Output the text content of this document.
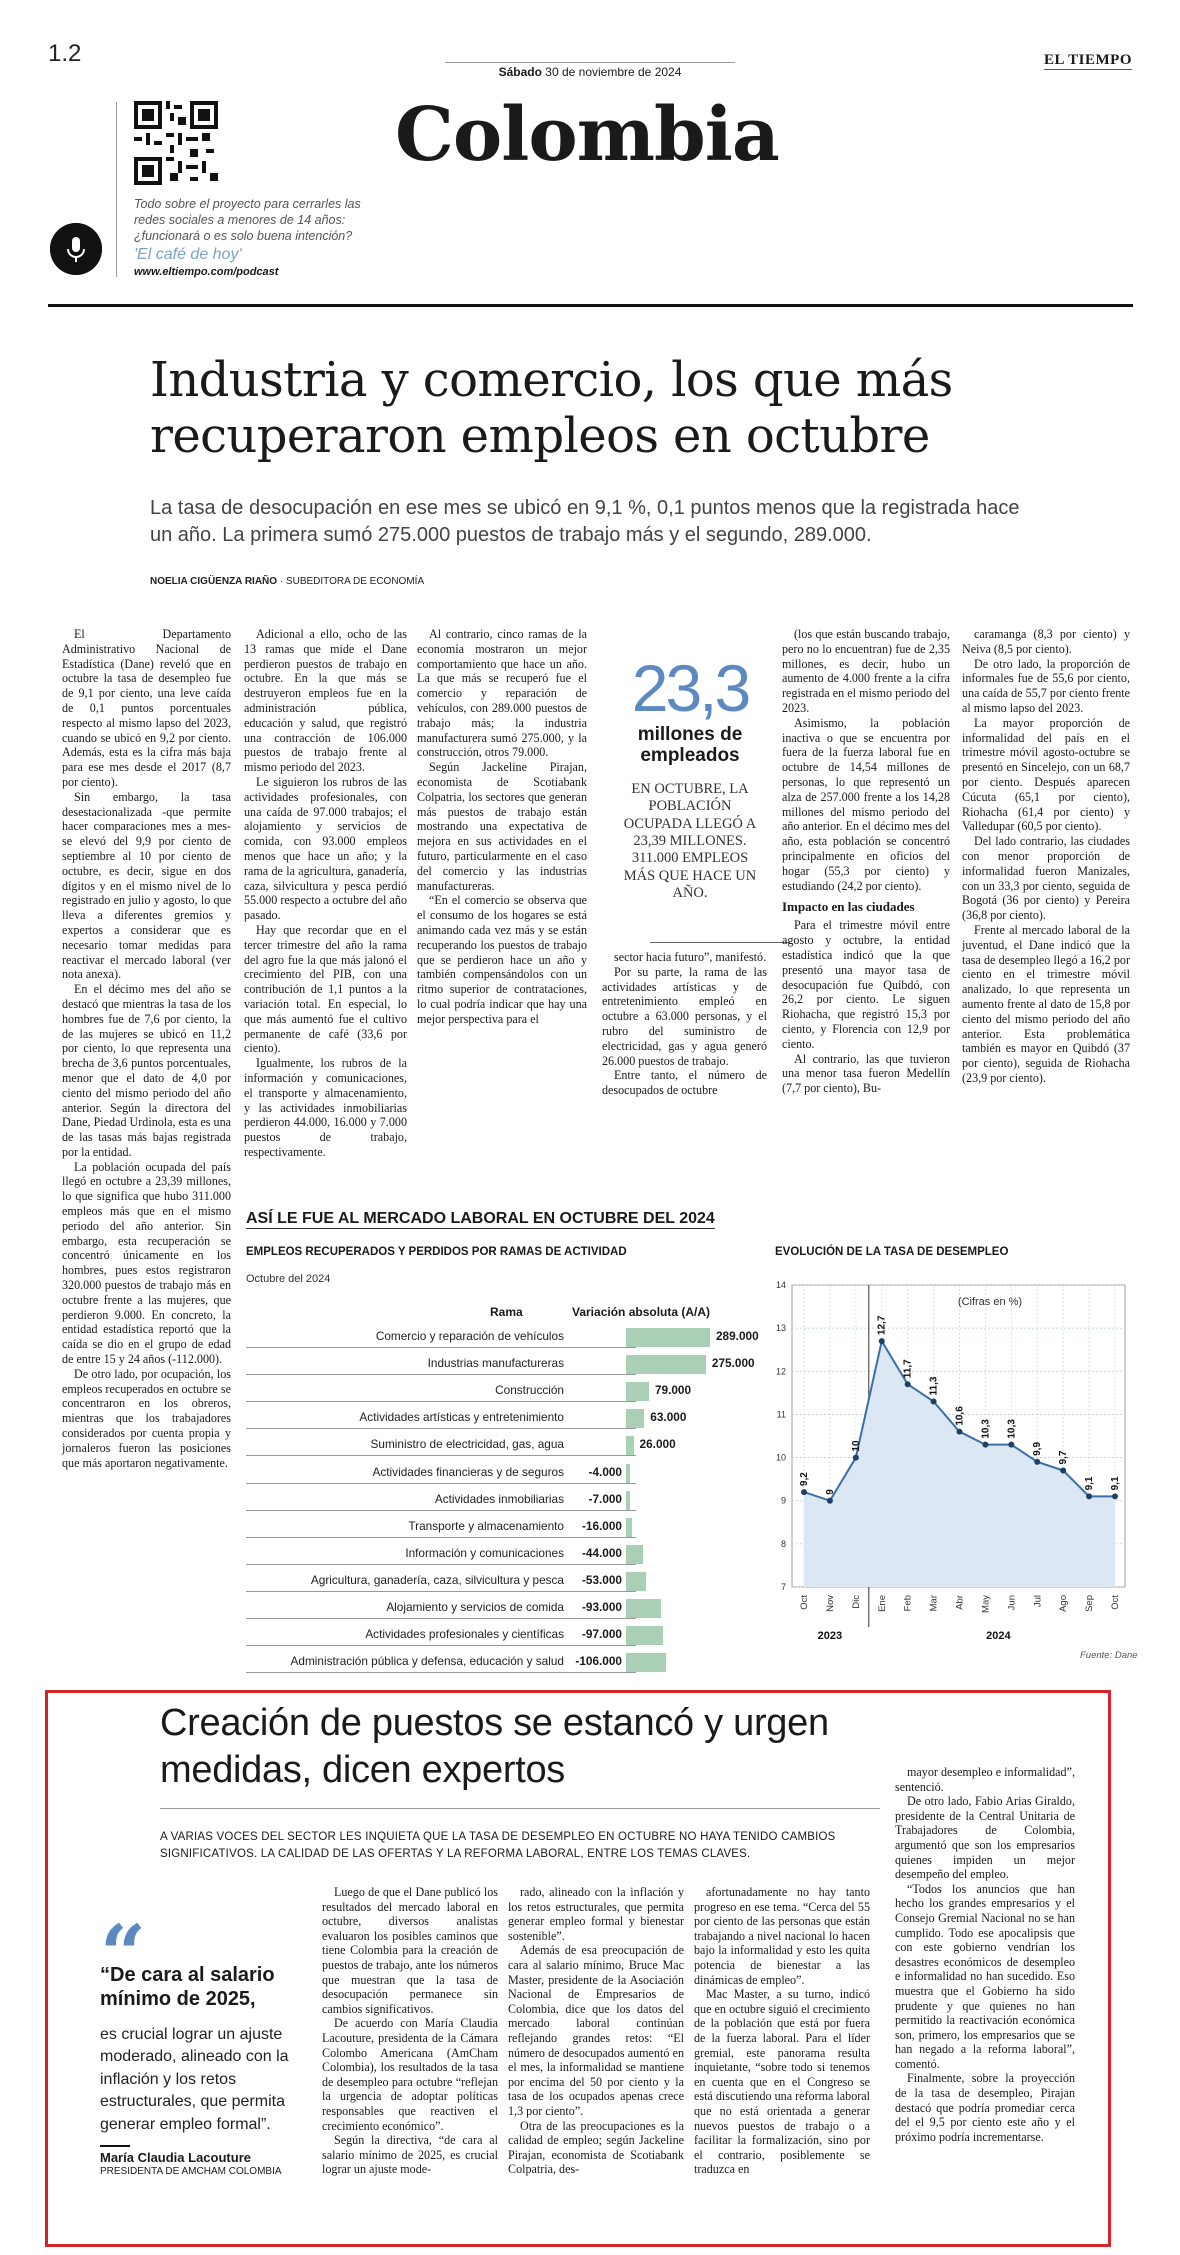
1.2
Sábado 30 de noviembre de 2024
EL TIEMPO
Todo sobre el proyecto para cerrarles las redes sociales a menores de 14 años: ¿funcionará o es solo buena intención?
'El café de hoy'
www.eltiempo.com/podcast
Colombia
Industria y comercio, los que más recuperaron empleos en octubre
La tasa de desocupación en ese mes se ubicó en 9,1 %, 0,1 puntos menos que la registrada hace un año. La primera sumó 275.000 puestos de trabajo más y el segundo, 289.000.
NOELIA CIGÜENZA RIAÑO · SUBEDITORA DE ECONOMÍA

El Departamento Administrativo Nacional de Estadística (Dane) reveló que en octubre la tasa de desempleo fue de 9,1 por ciento, una leve caída de 0,1 puntos porcentuales respecto al mismo lapso del 2023, cuando se ubicó en 9,2 por ciento. Además, esta es la cifra más baja para ese mes desde el 2017 (8,7 por ciento).

Sin embargo, la tasa desestacionalizada -que permite hacer comparaciones mes a mes- se elevó del 9,9 por ciento de septiembre al 10 por ciento de octubre, es decir, sigue en dos dígitos y en el mismo nivel de lo registrado en julio y agosto, lo que lleva a diferentes gremios y expertos a considerar que es necesario tomar medidas para reactivar el mercado laboral (ver nota anexa).

En el décimo mes del año se destacó que mientras la tasa de los hombres fue de 7,6 por ciento, la de las mujeres se ubicó en 11,2 por ciento, lo que representa una brecha de 3,6 puntos porcentuales, menor que el dato de 4,0 por ciento del mismo periodo del año anterior. Según la directora del Dane, Piedad Urdinola, esta es una de las tasas más bajas registrada por la entidad.

La población ocupada del país llegó en octubre a 23,39 millones, lo que significa que hubo 311.000 empleos más que en el mismo periodo del año anterior. Sin embargo, esta recuperación se concentró únicamente en los hombres, pues estos registraron 320.000 puestos de trabajo más en octubre frente a las mujeres, que perdieron 9.000. En concreto, la entidad estadística reportó que la caída se dio en el grupo de edad de entre 15 y 24 años (-112.000).

De otro lado, por ocupación, los empleos recuperados en octubre se concentraron en los obreros, mientras que los trabajadores considerados por cuenta propia y jornaleros fueron las posiciones que más aportaron negativamente.

Adicional a ello, ocho de las 13 ramas que mide el Dane perdieron puestos de trabajo en octubre. En la que más se destruyeron empleos fue en la administración pública, educación y salud, que registró una contracción de 106.000 puestos de trabajo frente al mismo periodo del 2023.

Le siguieron los rubros de las actividades profesionales, con una caída de 97.000 trabajos; el alojamiento y servicios de comida, con 93.000 empleos menos que hace un año; y la rama de la agricultura, ganadería, caza, silvicultura y pesca perdió 55.000 respecto a octubre del año pasado.

Hay que recordar que en el tercer trimestre del año la rama del agro fue la que más jalonó el crecimiento del PIB, con una contribución de 1,1 puntos a la variación total. En especial, lo que más aumentó fue el cultivo permanente de café (33,6 por ciento).

Igualmente, los rubros de la información y comunicaciones, el transporte y almacenamiento, y las actividades inmobiliarias perdieron 44.000, 16.000 y 7.000 puestos de trabajo, respectivamente.

Al contrario, cinco ramas de la economía mostraron un mejor comportamiento que hace un año. La que más se recuperó fue el comercio y reparación de vehículos, con 289.000 puestos de trabajo más; la industria manufacturera sumó 275.000, y la construcción, otros 79.000.

Según Jackeline Pirajan, economista de Scotiabank Colpatria, los sectores que generan más puestos de trabajo están mostrando una expectativa de mejora en sus actividades en el futuro, particularmente en el caso del comercio y las industrias manufactureras.

“En el comercio se observa que el consumo de los hogares se está animando cada vez más y se están recuperando los puestos de trabajo que se perdieron hace un año y también compensándolos con un ritmo superior de contrataciones, lo cual podría indicar que hay una mejor perspectiva para el

23,3
millones de empleados
EN OCTUBRE, LA POBLACIÓN OCUPADA LLEGÓ A 23,39 MILLONES. 311.000 EMPLEOS MÁS QUE HACE UN AÑO.

sector hacia futuro”, manifestó.

Por su parte, la rama de las actividades artísticas y de entretenimiento empleó en octubre a 63.000 personas, y el rubro del suministro de electricidad, gas y agua generó 26.000 puestos de trabajo.

Entre tanto, el número de desocupados de octubre

(los que están buscando trabajo, pero no lo encuentran) fue de 2,35 millones, es decir, hubo un aumento de 4.000 frente a la cifra registrada en el mismo periodo del 2023.

Asimismo, la población inactiva o que se encuentra por fuera de la fuerza laboral fue en octubre de 14,54 millones de personas, lo que representó un alza de 257.000 frente a los 14,28 millones del mismo periodo del año anterior. En el décimo mes del año, esta población se concentró principalmente en oficios del hogar (55,3 por ciento) y estudiando (24,2 por ciento).

Impacto en las ciudades

Para el trimestre móvil entre agosto y octubre, la entidad estadística indicó que la que presentó una mayor tasa de desocupación fue Quibdó, con 26,2 por ciento. Le siguen Riohacha, que registró 15,3 por ciento, y Florencia con 12,9 por ciento.

Al contrario, las que tuvieron una menor tasa fueron Medellín (7,7 por ciento), Bu-

caramanga (8,3 por ciento) y Neiva (8,5 por ciento).

De otro lado, la proporción de informales fue de 55,6 por ciento, una caída de 55,7 por ciento frente al mismo lapso del 2023.

La mayor proporción de informalidad del país en el trimestre móvil agosto-octubre se presentó en Sincelejo, con un 68,7 por ciento. Después aparecen Cúcuta (65,1 por ciento), Riohacha (61,4 por ciento) y Valledupar (60,5 por ciento).

Del lado contrario, las ciudades con menor proporción de informalidad fueron Manizales, con un 33,3 por ciento, seguida de Bogotá (36 por ciento) y Pereira (36,8 por ciento).

Frente al mercado laboral de la juventud, el Dane indicó que la tasa de desempleo llegó a 16,2 por ciento en el trimestre móvil analizado, lo que representa un aumento frente al dato de 15,8 por ciento del mismo periodo del año anterior. Esta problemática también es mayor en Quibdó (37 por ciento), seguida de Riohacha (23,9 por ciento).

ASÍ LE FUE AL MERCADO LABORAL EN OCTUBRE DEL 2024
EMPLEOS RECUPERADOS Y PERDIDOS POR RAMAS DE ACTIVIDAD
Octubre del 2024
Rama	Variación absoluta (A/A)
Comercio y reparación de vehículos	289.000
Industrias manufactureras	275.000
Construcción	79.000
Actividades artísticas y entretenimiento	63.000
Suministro de electricidad, gas, agua	26.000
Actividades financieras y de seguros -4.000
Actividades inmobiliarias -7.000
Transporte y almacenamiento -16.000
Información y comunicaciones -44.000
Agricultura, ganadería, caza, silvicultura y pesca -53.000
Alojamiento y servicios de comida -93.000
Actividades profesionales y científicas -97.000
Administración pública y defensa, educación y salud -106.000
EVOLUCIÓN DE LA TASA DE DESEMPLEO
7
8
9
10
11
12
13
14
Oct Nov Dic Ene Feb Mar Abr May Jun Jul Ago Sep Oct
2023	2024
9,2
9
10
12,7
11,7
11,3
10,6
10,3 10,3
9,9
9,7
9,1 9,1
(Cifras en %)
Fuente: Dane
Creación de puestos se estancó y urgen medidas, dicen expertos
A VARIAS VOCES DEL SECTOR LES INQUIETA QUE LA TASA DE DESEMPLEO EN OCTUBRE NO HAYA TENIDO CAMBIOS SIGNIFICATIVOS. LA CALIDAD DE LAS OFERTAS Y LA REFORMA LABORAL, ENTRE LOS TEMAS CLAVES.
“
“De cara al salario mínimo de 2025,
es crucial lograr un ajuste moderado, alineado con la inflación y los retos estructurales, que permita generar empleo formal”.
María Claudia Lacouture
PRESIDENTA DE AMCHAM COLOMBIA

Luego de que el Dane publicó los resultados del mercado laboral en octubre, diversos analistas evaluaron los posibles caminos que tiene Colombia para la creación de puestos de trabajo, ante los números que muestran que la tasa de desocupación permanece sin cambios significativos.

De acuerdo con María Claudia Lacouture, presidenta de la Cámara Colombo Americana (AmCham Colombia), los resultados de la tasa de desempleo para octubre “reflejan la urgencia de adoptar políticas responsables que reactiven el crecimiento económico”.

Según la directiva, “de cara al salario mínimo de 2025, es crucial lograr un ajuste mode-

rado, alineado con la inflación y los retos estructurales, que permita generar empleo formal y bienestar sostenible”.

Además de esa preocupación de cara al salario mínimo, Bruce Mac Master, presidente de la Asociación Nacional de Empresarios de Colombia, dice que los datos del mercado laboral continúan reflejando grandes retos: “El número de desocupados aumentó en el mes, la informalidad se mantiene por encima del 50 por ciento y la tasa de los ocupados apenas crece 1,3 por ciento”.

Otra de las preocupaciones es la calidad de empleo; según Jackeline Pirajan, economista de Scotiabank Colpatria, des-

afortunadamente no hay tanto progreso en ese tema. “Cerca del 55 por ciento de las personas que están trabajando a nivel nacional lo hacen bajo la informalidad y esto les quita potencia de bienestar a las dinámicas de empleo”.

Mac Master, a su turno, indicó que en octubre siguió el crecimiento de la población que está por fuera de la fuerza laboral. Para el líder gremial, este panorama resulta inquietante, “sobre todo si tenemos en cuenta que en el Congreso se está discutiendo una reforma laboral que no está orientada a generar nuevos puestos de trabajo o a facilitar la formalización, sino por el contrario, posiblemente se traduzca en

mayor desempleo e informalidad”, sentenció.

De otro lado, Fabio Arias Giraldo, presidente de la Central Unitaria de Trabajadores de Colombia, argumentó que son los empresarios quienes impiden un mejor desempeño del empleo.

“Todos los anuncios que han hecho los grandes empresarios y el Consejo Gremial Nacional no se han cumplido. Todo ese apocalipsis que con este gobierno vendrían los desastres económicos de desempleo e informalidad no han sucedido. Eso muestra que el Gobierno ha sido prudente y que quienes no han permitido la reactivación económica son, primero, los empresarios que se han negado a la reforma laboral”, comentó.

Finalmente, sobre la proyección de la tasa de desempleo, Pirajan destacó que podría promediar cerca del el 9,5 por ciento este año y el próximo podría incrementarse.
